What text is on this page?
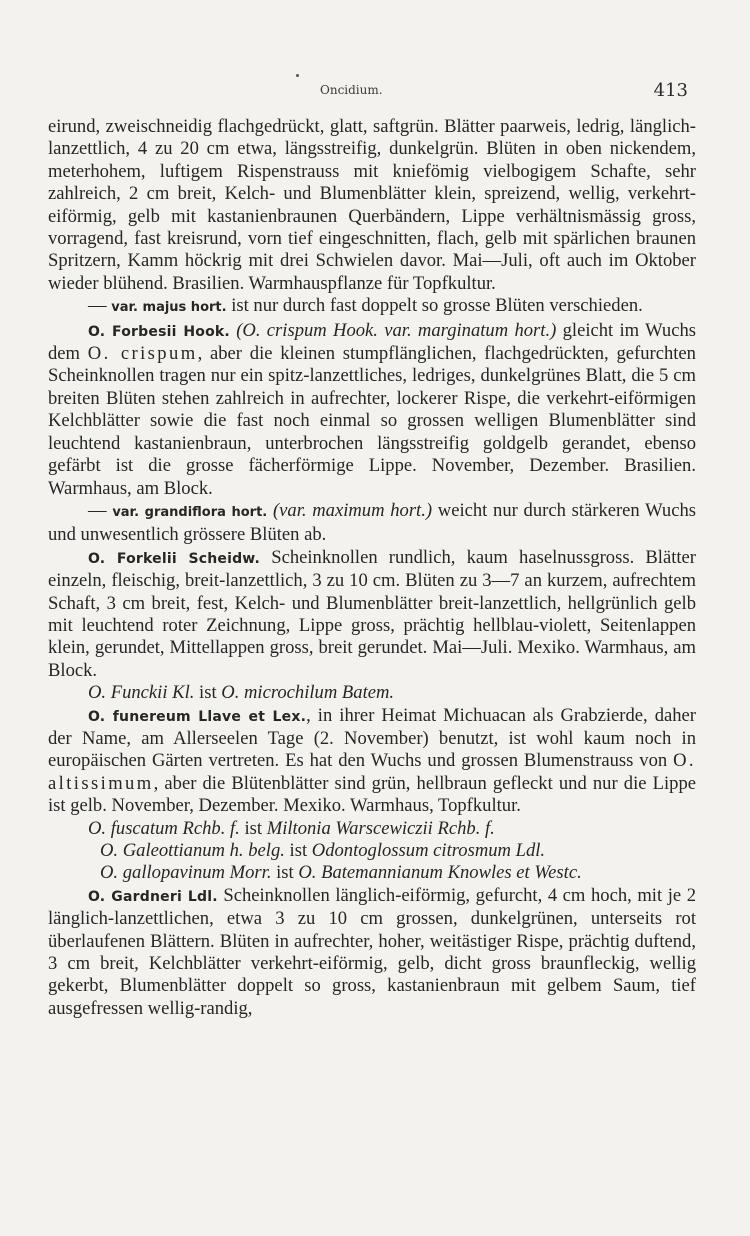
Oncidium.	413

eirund, zweischneidig flachgedrückt, glatt, saftgrün. Blätter paarweis, ledrig, länglich-lanzettlich, 4 zu 20 cm etwa, längsstreifig, dunkelgrün. Blüten in oben nickendem, meterhohem, luftigem Rispenstrauss mit kniefömig vielbogigem Schafte, sehr zahlreich, 2 cm breit, Kelch- und Blumenblätter klein, spreizend, wellig, verkehrt-eiförmig, gelb mit kastanienbraunen Querbändern, Lippe verhältnismässig gross, vorragend, fast kreisrund, vorn tief eingeschnitten, flach, gelb mit spärlichen braunen Spritzern, Kamm höckrig mit drei Schwielen davor. Mai—Juli, oft auch im Oktober wieder blühend. Brasilien. Warmhauspflanze für Topfkultur.

— var. majus hort. ist nur durch fast doppelt so grosse Blüten verschieden.

O. Forbesii Hook. (O. crispum Hook. var. marginatum hort.) gleicht im Wuchs dem O. crispum, aber die kleinen stumpflänglichen, flachgedrückten, gefurchten Scheinknollen tragen nur ein spitz-lanzettliches, ledriges, dunkelgrünes Blatt, die 5 cm breiten Blüten stehen zahlreich in aufrechter, lockerer Rispe, die verkehrt-eiförmigen Kelchblätter sowie die fast noch einmal so grossen welligen Blumenblätter sind leuchtend kastanienbraun, unterbrochen längsstreifig goldgelb gerandet, ebenso gefärbt ist die grosse fächerförmige Lippe. November, Dezember. Brasilien. Warmhaus, am Block.

— var. grandiflora hort. (var. maximum hort.) weicht nur durch stärkeren Wuchs und unwesentlich grössere Blüten ab.

O. Forkelii Scheidw. Scheinknollen rundlich, kaum haselnussgross. Blätter einzeln, fleischig, breit-lanzettlich, 3 zu 10 cm. Blüten zu 3—7 an kurzem, aufrechtem Schaft, 3 cm breit, fest, Kelch- und Blumenblätter breit-lanzettlich, hellgrünlich gelb mit leuchtend roter Zeichnung, Lippe gross, prächtig hellblau-violett, Seitenlappen klein, gerundet, Mittellappen gross, breit gerundet. Mai—Juli. Mexiko. Warmhaus, am Block.

O. Funckii Kl. ist O. microchilum Batem.

O. funereum Llave et Lex., in ihrer Heimat Michuacan als Grabzierde, daher der Name, am Allerseelen Tage (2. November) benutzt, ist wohl kaum noch in europäischen Gärten vertreten. Es hat den Wuchs und grossen Blumenstrauss von O. altissimum, aber die Blütenblätter sind grün, hellbraun gefleckt und nur die Lippe ist gelb. November, Dezember. Mexiko. Warmhaus, Topfkultur.

O. fuscatum Rchb. f. ist Miltonia Warscewiczii Rchb. f.

O. Galeottianum h. belg. ist Odontoglossum citrosmum Ldl.

O. gallopavinum Morr. ist O. Batemannianum Knowles et Westc.

O. Gardneri Ldl. Scheinknollen länglich-eiförmig, gefurcht, 4 cm hoch, mit je 2 länglich-lanzettlichen, etwa 3 zu 10 cm grossen, dunkelgrünen, unterseits rot überlaufenen Blättern. Blüten in aufrechter, hoher, weitästiger Rispe, prächtig duftend, 3 cm breit, Kelchblätter verkehrt-eiförmig, gelb, dicht gross braunfleckig, wellig gekerbt, Blumenblätter doppelt so gross, kastanienbraun mit gelbem Saum, tief ausgefressen wellig-randig,
